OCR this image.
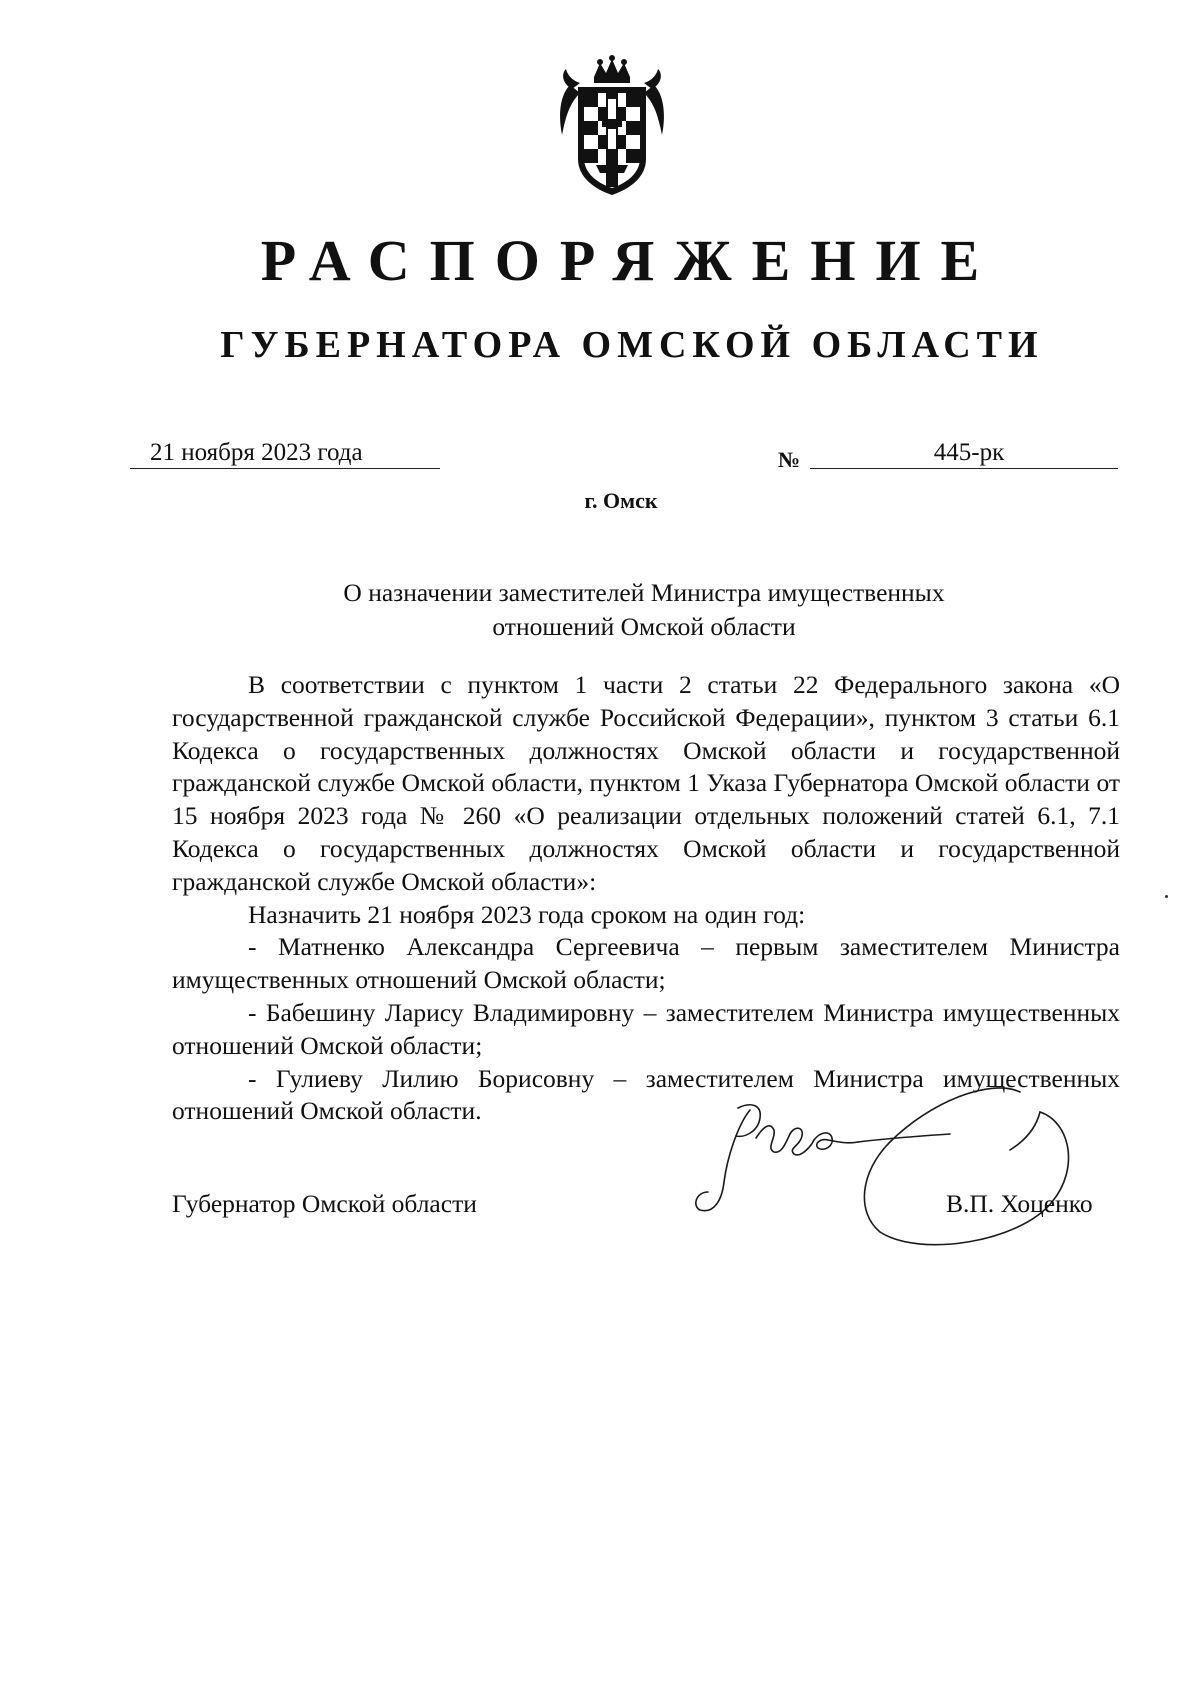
РАСПОРЯЖЕНИЕ
ГУБЕРНАТОРА ОМСКОЙ ОБЛАСТИ
21 ноября 2023 года	№	445-рк
г. Омск
О назначении заместителей Министра имущественных
отношений Омской области

В соответствии с пунктом 1 части 2 статьи 22 Федерального закона «О государственной гражданской службе Российской Федерации», пунктом 3 статьи 6.1 Кодекса о государственных должностях Омской области и государственной гражданской службе Омской области, пунктом 1 Указа Губернатора Омской области от 15 ноября 2023 года № 260 «О реализации отдельных положений статей 6.1, 7.1 Кодекса о государственных должностях Омской области и государственной гражданской службе Омской области»:

Назначить 21 ноября 2023 года сроком на один год:

- Матненко Александра Сергеевича – первым заместителем Министра имущественных отношений Омской области;

- Бабешину Ларису Владимировну – заместителем Министра имущественных отношений Омской области;

- Гулиеву Лилию Борисовну – заместителем Министра имущественных отношений Омской области.

Губернатор Омской области	В.П. Хоценко
